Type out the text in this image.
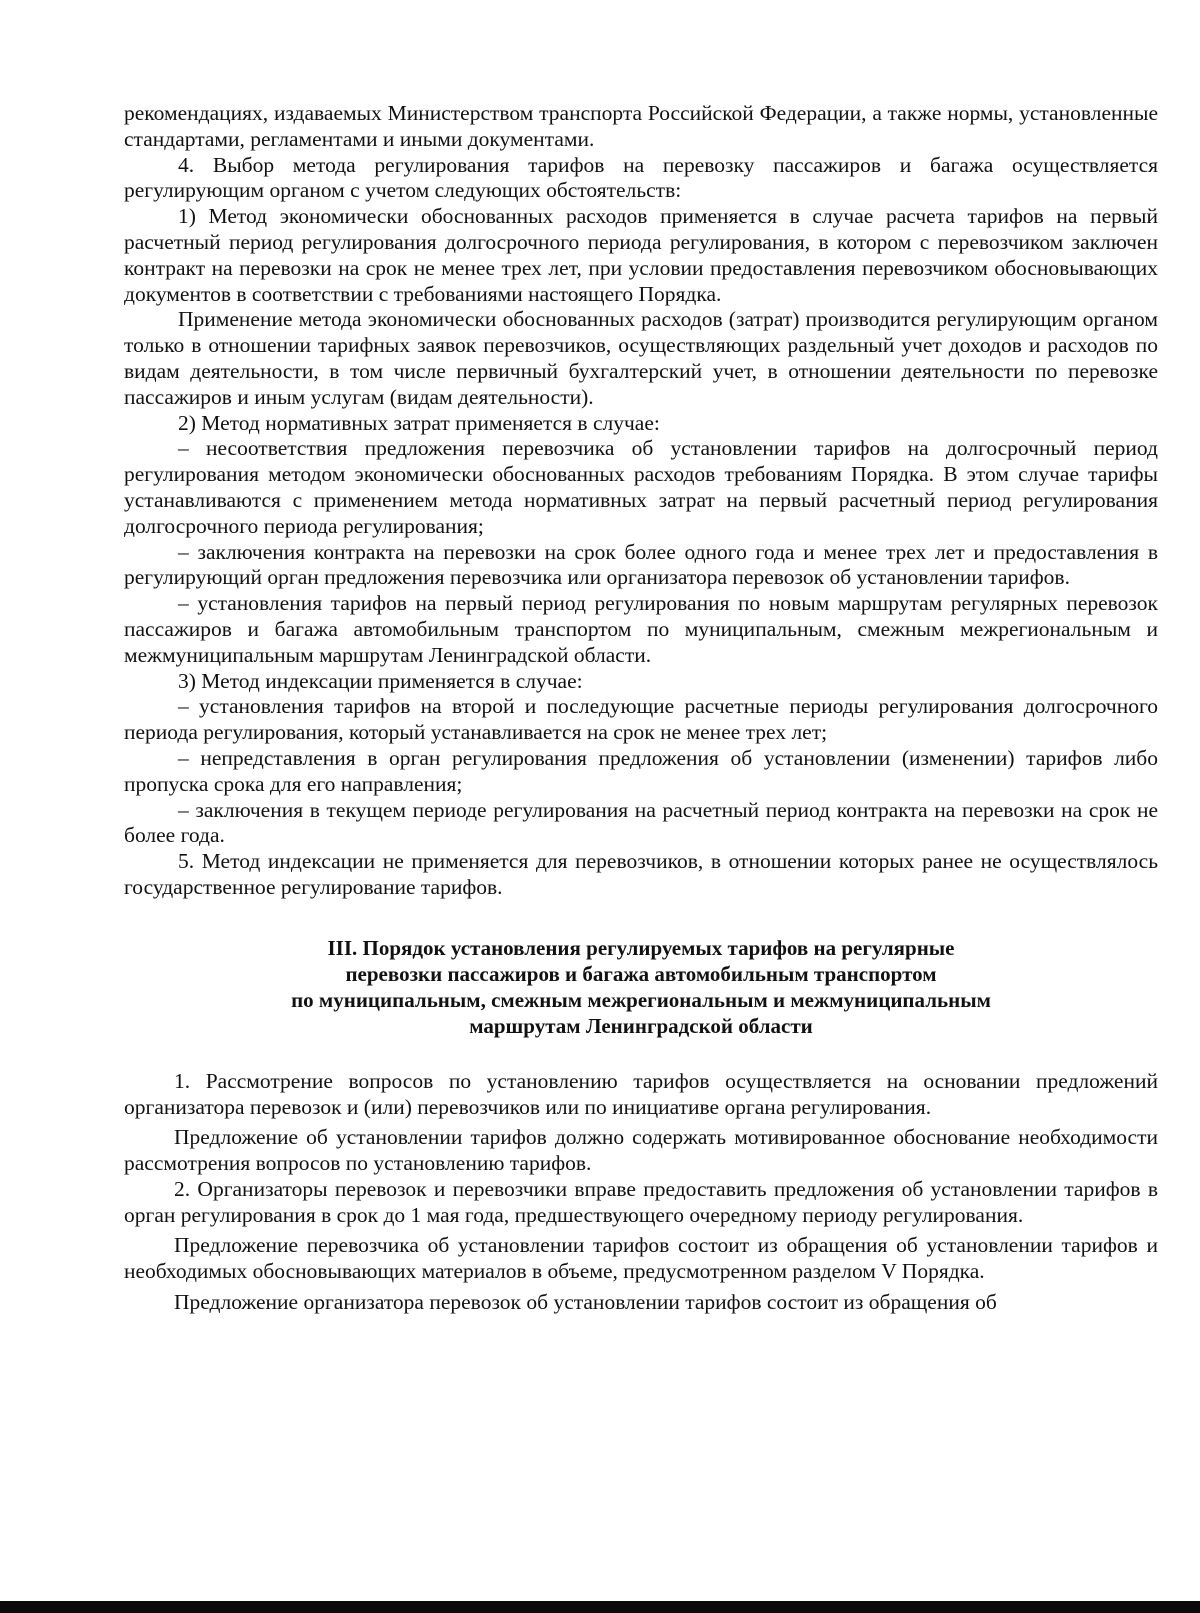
рекомендациях, издаваемых Министерством транспорта Российской Федерации, а также нормы, установленные стандартами, регламентами и иными документами.

4. Выбор метода регулирования тарифов на перевозку пассажиров и багажа осуществляется регулирующим органом с учетом следующих обстоятельств:

1) Метод экономически обоснованных расходов применяется в случае расчета тарифов на первый расчетный период регулирования долгосрочного периода регулирования, в котором с перевозчиком заключен контракт на перевозки на срок не менее трех лет, при условии предоставления перевозчиком обосновывающих документов в соответствии с требованиями настоящего Порядка.

Применение метода экономически обоснованных расходов (затрат) производится регулирующим органом только в отношении тарифных заявок перевозчиков, осуществляющих раздельный учет доходов и расходов по видам деятельности, в том числе первичный бухгалтерский учет, в отношении деятельности по перевозке пассажиров и иным услугам (видам деятельности).

2) Метод нормативных затрат применяется в случае:

– несоответствия предложения перевозчика об установлении тарифов на долгосрочный период регулирования методом экономически обоснованных расходов требованиям Порядка. В этом случае тарифы устанавливаются с применением метода нормативных затрат на первый расчетный период регулирования долгосрочного периода регулирования;

– заключения контракта на перевозки на срок более одного года и менее трех лет и предоставления в регулирующий орган предложения перевозчика или организатора перевозок об установлении тарифов.

– установления тарифов на первый период регулирования по новым маршрутам регулярных перевозок пассажиров и багажа автомобильным транспортом по муниципальным, смежным межрегиональным и межмуниципальным маршрутам Ленинградской области.

3) Метод индексации применяется в случае:

– установления тарифов на второй и последующие расчетные периоды регулирования долгосрочного периода регулирования, который устанавливается на срок не менее трех лет;

– непредставления в орган регулирования предложения об установлении (изменении) тарифов либо пропуска срока для его направления;

– заключения в текущем периоде регулирования на расчетный период контракта на перевозки на срок не более года.

5. Метод индексации не применяется для перевозчиков, в отношении которых ранее не осуществлялось государственное регулирование тарифов.

III. Порядок установления регулируемых тарифов на регулярные
перевозки пассажиров и багажа автомобильным транспортом
по муниципальным, смежным межрегиональным и межмуниципальным
маршрутам Ленинградской области

1. Рассмотрение вопросов по установлению тарифов осуществляется на основании предложений организатора перевозок и (или) перевозчиков или по инициативе органа регулирования.

Предложение об установлении тарифов должно содержать мотивированное обоснование необходимости рассмотрения вопросов по установлению тарифов.

2. Организаторы перевозок и перевозчики вправе предоставить предложения об установлении тарифов в орган регулирования в срок до 1 мая года, предшествующего очередному периоду регулирования.

Предложение перевозчика об установлении тарифов состоит из обращения об установлении тарифов и необходимых обосновывающих материалов в объеме, предусмотренном разделом V Порядка.

Предложение организатора перевозок об установлении тарифов состоит из обращения об
